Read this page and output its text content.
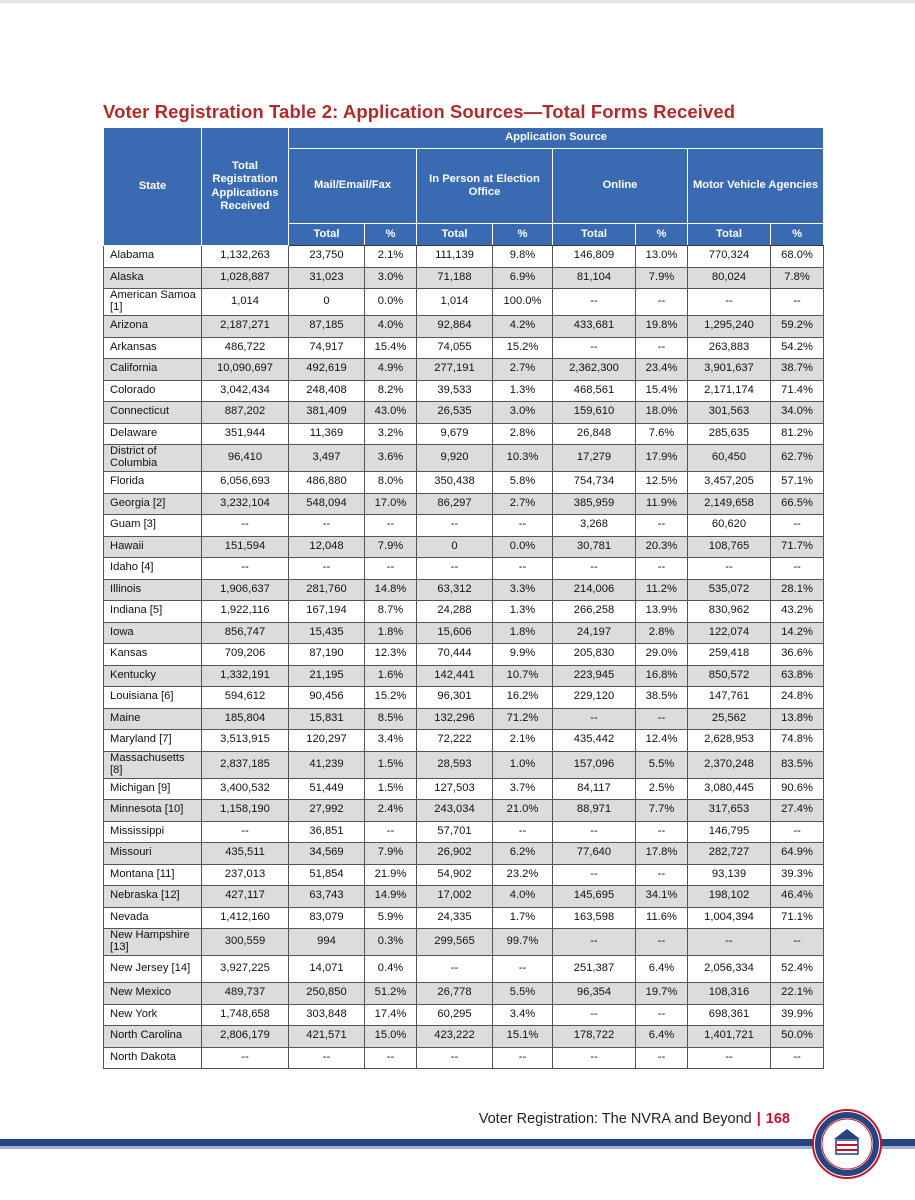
Voter Registration Table 2: Application Sources—Total Forms Received
State	Total Registration Applications Received	Application Source							
		Mail/Email/Fax		In Person at Election Office		Online		Motor Vehicle Agencies	
		Total	%	Total	%	Total	%	Total	%
Alabama	1,132,263	23,750	2.1%	111,139	9.8%	146,809	13.0%	770,324	68.0%
Alaska	1,028,887	31,023	3.0%	71,188	6.9%	81,104	7.9%	80,024	7.8%
American Samoa [1]	1,014	0	0.0%	1,014	100.0%	--	--	--	--
Arizona	2,187,271	87,185	4.0%	92,864	4.2%	433,681	19.8%	1,295,240	59.2%
Arkansas	486,722	74,917	15.4%	74,055	15.2%	--	--	263,883	54.2%
California	10,090,697	492,619	4.9%	277,191	2.7%	2,362,300	23.4%	3,901,637	38.7%
Colorado	3,042,434	248,408	8.2%	39,533	1.3%	468,561	15.4%	2,171,174	71.4%
Connecticut	887,202	381,409	43.0%	26,535	3.0%	159,610	18.0%	301,563	34.0%
Delaware	351,944	11,369	3.2%	9,679	2.8%	26,848	7.6%	285,635	81.2%
District of Columbia	96,410	3,497	3.6%	9,920	10.3%	17,279	17.9%	60,450	62.7%
Florida	6,056,693	486,880	8.0%	350,438	5.8%	754,734	12.5%	3,457,205	57.1%
Georgia [2]	3,232,104	548,094	17.0%	86,297	2.7%	385,959	11.9%	2,149,658	66.5%
Guam [3]	--	--	--	--	--	3,268	--	60,620	--
Hawaii	151,594	12,048	7.9%	0	0.0%	30,781	20.3%	108,765	71.7%
Idaho [4]	--	--	--	--	--	--	--	--	--
Illinois	1,906,637	281,760	14.8%	63,312	3.3%	214,006	11.2%	535,072	28.1%
Indiana [5]	1,922,116	167,194	8.7%	24,288	1.3%	266,258	13.9%	830,962	43.2%
Iowa	856,747	15,435	1.8%	15,606	1.8%	24,197	2.8%	122,074	14.2%
Kansas	709,206	87,190	12.3%	70,444	9.9%	205,830	29.0%	259,418	36.6%
Kentucky	1,332,191	21,195	1.6%	142,441	10.7%	223,945	16.8%	850,572	63.8%
Louisiana [6]	594,612	90,456	15.2%	96,301	16.2%	229,120	38.5%	147,761	24.8%
Maine	185,804	15,831	8.5%	132,296	71.2%	--	--	25,562	13.8%
Maryland [7]	3,513,915	120,297	3.4%	72,222	2.1%	435,442	12.4%	2,628,953	74.8%
Massachusetts [8]	2,837,185	41,239	1.5%	28,593	1.0%	157,096	5.5%	2,370,248	83.5%
Michigan [9]	3,400,532	51,449	1.5%	127,503	3.7%	84,117	2.5%	3,080,445	90.6%
Minnesota [10]	1,158,190	27,992	2.4%	243,034	21.0%	88,971	7.7%	317,653	27.4%
Mississippi	--	36,851	--	57,701	--	--	--	146,795	--
Missouri	435,511	34,569	7.9%	26,902	6.2%	77,640	17.8%	282,727	64.9%
Montana [11]	237,013	51,854	21.9%	54,902	23.2%	--	--	93,139	39.3%
Nebraska [12]	427,117	63,743	14.9%	17,002	4.0%	145,695	34.1%	198,102	46.4%
Nevada	1,412,160	83,079	5.9%	24,335	1.7%	163,598	11.6%	1,004,394	71.1%
New Hampshire [13]	300,559	994	0.3%	299,565	99.7%	--	--	--	--
New Jersey [14]	3,927,225	14,071	0.4%	--	--	251,387	6.4%	2,056,334	52.4%
New Mexico	489,737	250,850	51.2%	26,778	5.5%	96,354	19.7%	108,316	22.1%
New York	1,748,658	303,848	17.4%	60,295	3.4%	--	--	698,361	39.9%
North Carolina	2,806,179	421,571	15.0%	423,222	15.1%	178,722	6.4%	1,401,721	50.0%
North Dakota	--	--	--	--	--	--	--	--	--
Voter Registration: The NVRA and Beyond | 168
